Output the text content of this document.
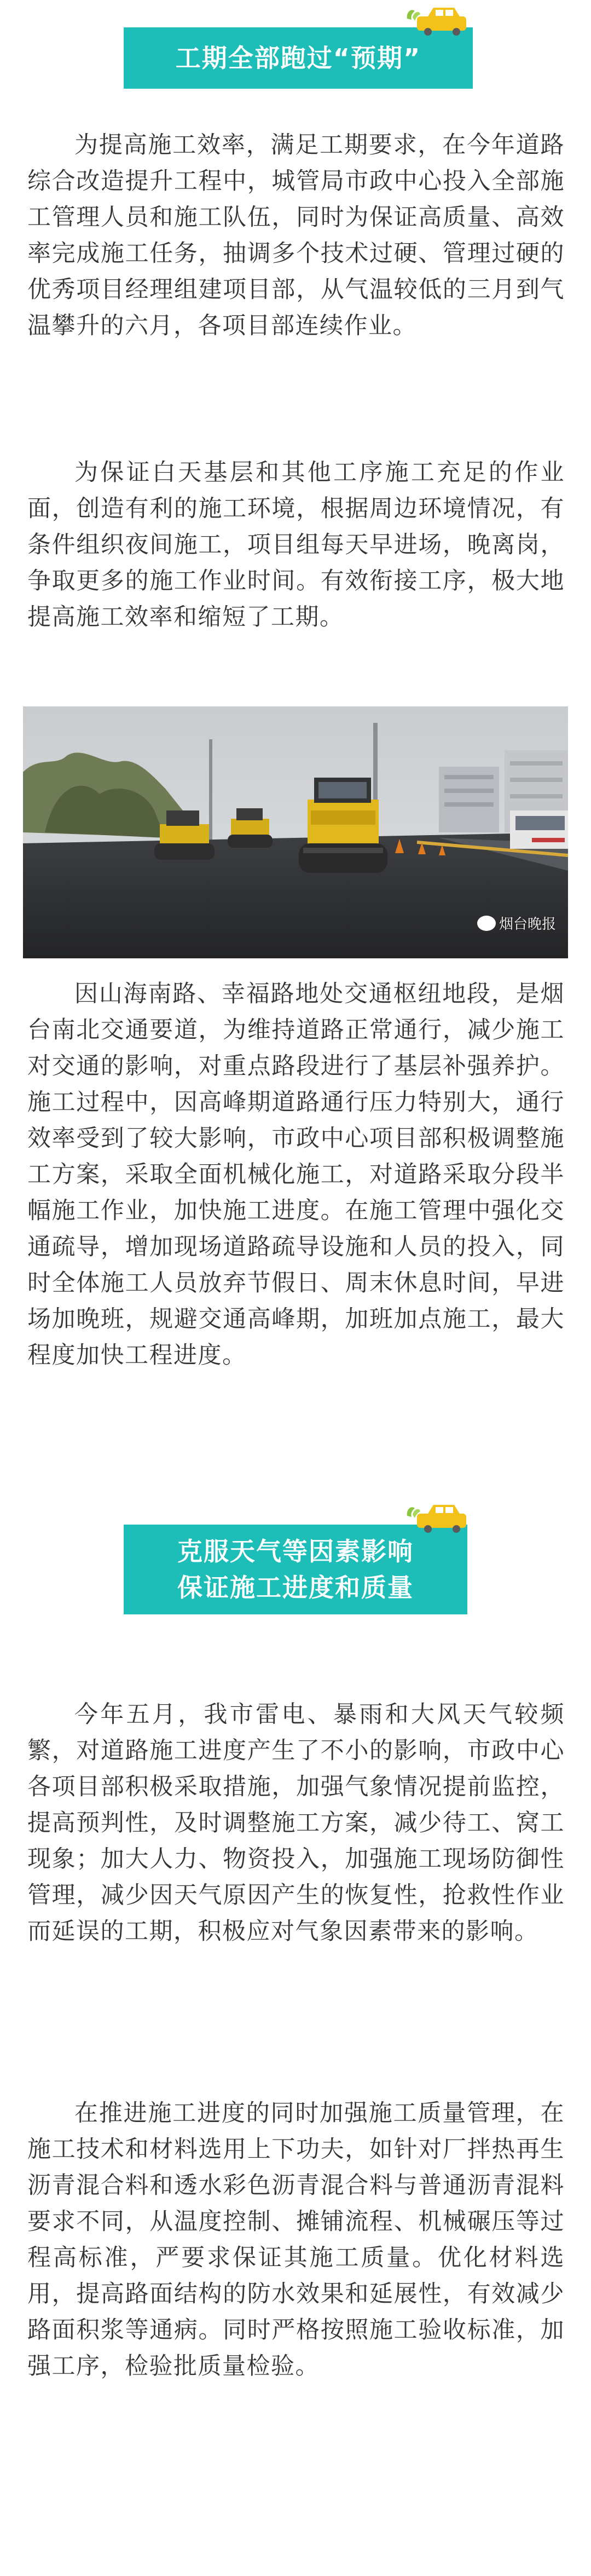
工期全部跑过“预期”

为提高施工效率，满足工期要求，在今年道路综合改造提升工程中，城管局市政中心投入全部施工管理人员和施工队伍，同时为保证高质量、高效率完成施工任务，抽调多个技术过硬、管理过硬的优秀项目经理组建项目部，从气温较低的三月到气温攀升的六月，各项目部连续作业。

为保证白天基层和其他工序施工充足的作业面，创造有利的施工环境，根据周边环境情况，有条件组织夜间施工，项目组每天早进场，晚离岗，争取更多的施工作业时间。有效衔接工序，极大地提高施工效率和缩短了工期。

烟台晚报

因山海南路、幸福路地处交通枢纽地段，是烟台南北交通要道，为维持道路正常通行，减少施工对交通的影响，对重点路段进行了基层补强养护。施工过程中，因高峰期道路通行压力特别大，通行效率受到了较大影响，市政中心项目部积极调整施工方案，采取全面机械化施工，对道路采取分段半幅施工作业，加快施工进度。在施工管理中强化交通疏导，增加现场道路疏导设施和人员的投入，同时全体施工人员放弃节假日、周末休息时间，早进场加晚班，规避交通高峰期，加班加点施工，最大程度加快工程进度。

克服天气等因素影响
保证施工进度和质量

今年五月，我市雷电、暴雨和大风天气较频繁，对道路施工进度产生了不小的影响，市政中心各项目部积极采取措施，加强气象情况提前监控，提高预判性，及时调整施工方案，减少待工、窝工现象；加大人力、物资投入，加强施工现场防御性管理，减少因天气原因产生的恢复性，抢救性作业而延误的工期，积极应对气象因素带来的影响。

在推进施工进度的同时加强施工质量管理，在施工技术和材料选用上下功夫，如针对厂拌热再生沥青混合料和透水彩色沥青混合料与普通沥青混料要求不同，从温度控制、摊铺流程、机械碾压等过程高标准，严要求保证其施工质量。优化材料选用，提高路面结构的防水效果和延展性，有效减少路面积浆等通病。同时严格按照施工验收标准，加强工序，检验批质量检验。
